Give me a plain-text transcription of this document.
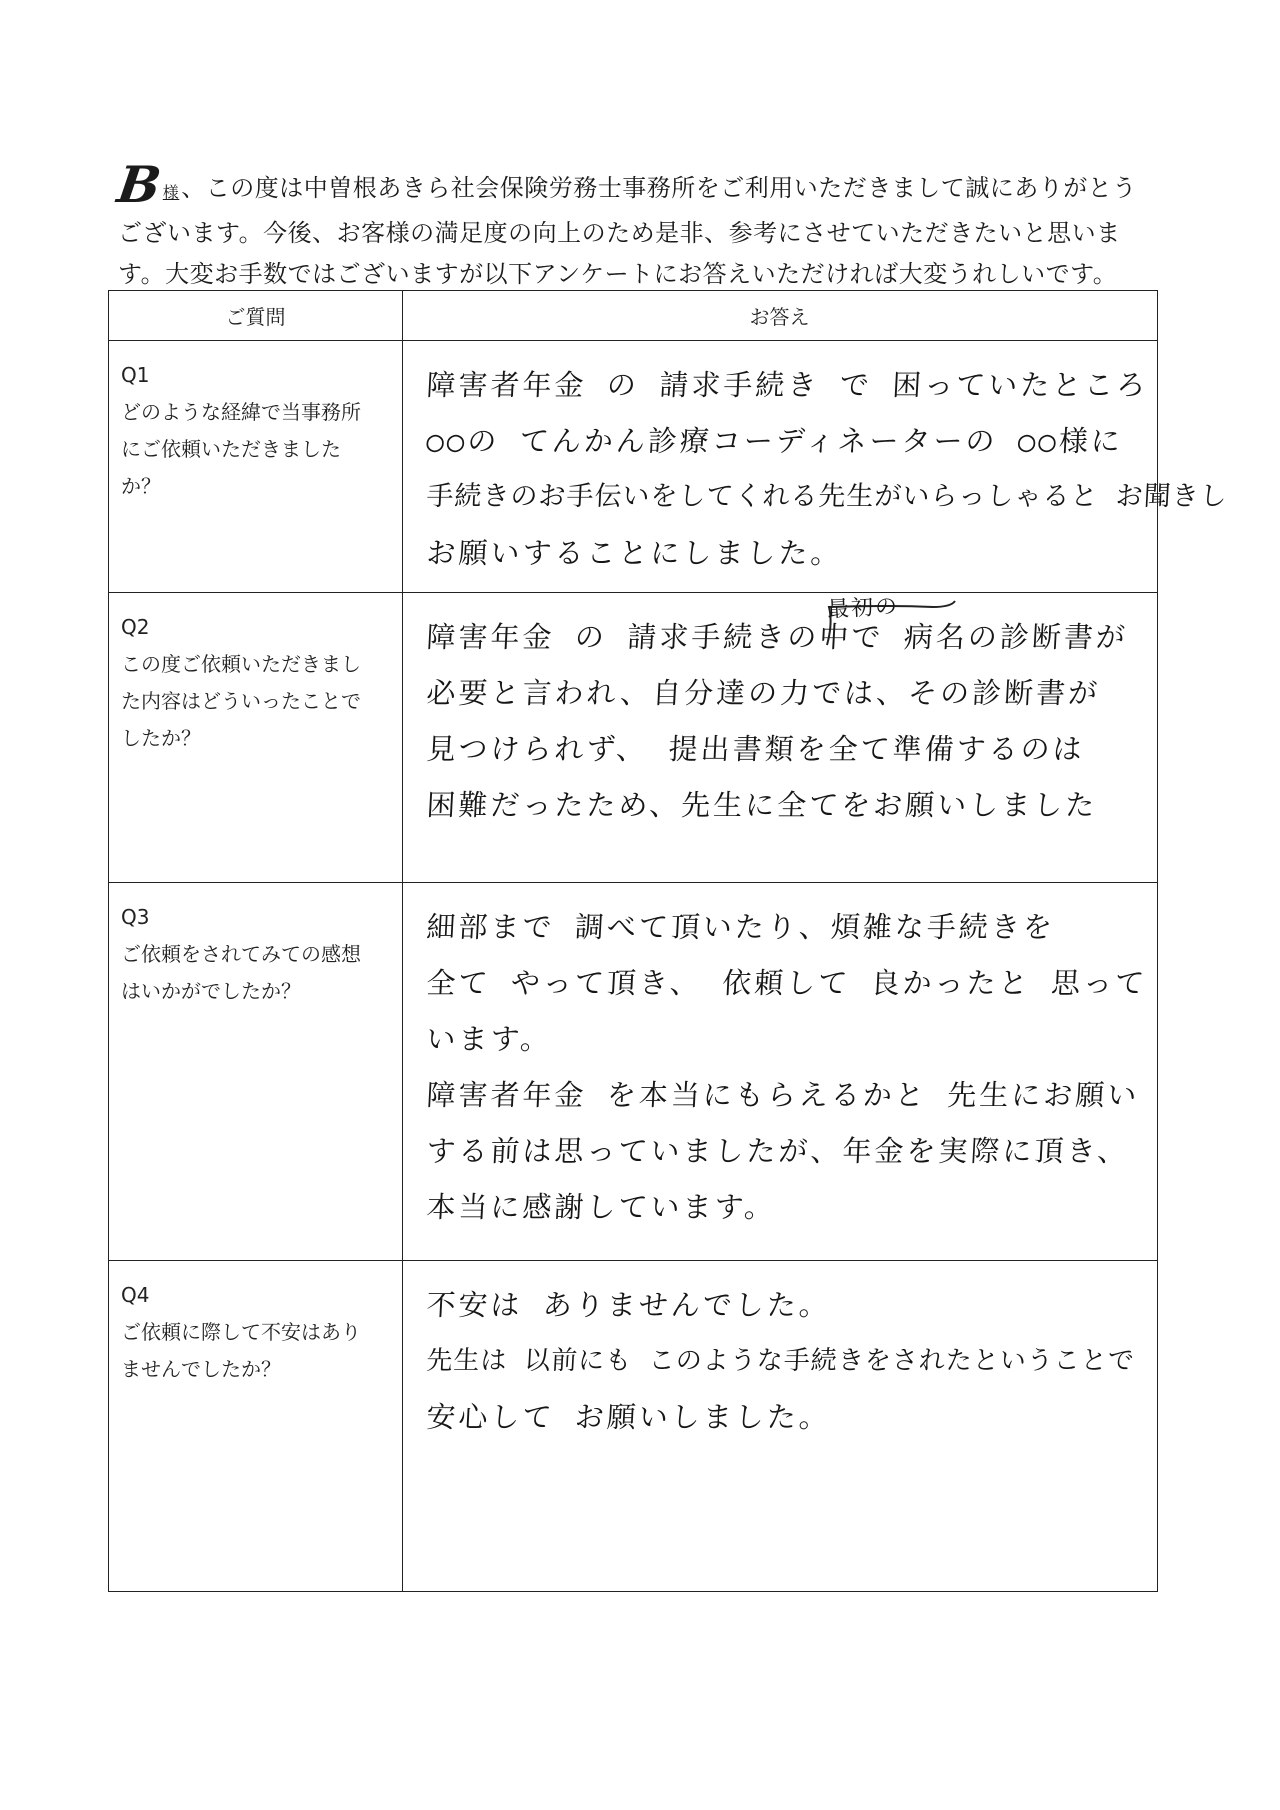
B様、この度は中曽根あきら社会保険労務士事務所をご利用いただきまして誠にありがとう
ございます。今後、お客様の満足度の向上のため是非、参考にさせていただきたいと思いま
す。大変お手数ではございますが以下アンケートにお答えいただければ大変うれしいです。
ご質問	お答え
Q1
どのような経緯で当事務所
にご依頼いただきました
か？
障害者年金 の 請求手続き で 困っていたところ
○○の てんかん診療コーディネーターの ○○様に
手続きのお手伝いをしてくれる先生がいらっしゃると お聞きし
お願いすることにしました。
Q2
この度ご依頼いただきまし
た内容はどういったことで
したか？
最初の
障害年金 の 請求手続きの中で 病名の診断書が
必要と言われ、自分達の力では、その診断書が
見つけられず、 提出書類を全て準備するのは
困難だったため、先生に全てをお願いしました
Q3
ご依頼をされてみての感想
はいかがでしたか？
細部まで 調べて頂いたり、煩雑な手続きを
全て やって頂き、 依頼して 良かったと 思って
います。
障害者年金 を本当にもらえるかと 先生にお願い
する前は思っていましたが、年金を実際に頂き、
本当に感謝しています。
Q4
ご依頼に際して不安はあり
ませんでしたか？
不安は ありませんでした。
先生は 以前にも このような手続きをされたということで
安心して お願いしました。
